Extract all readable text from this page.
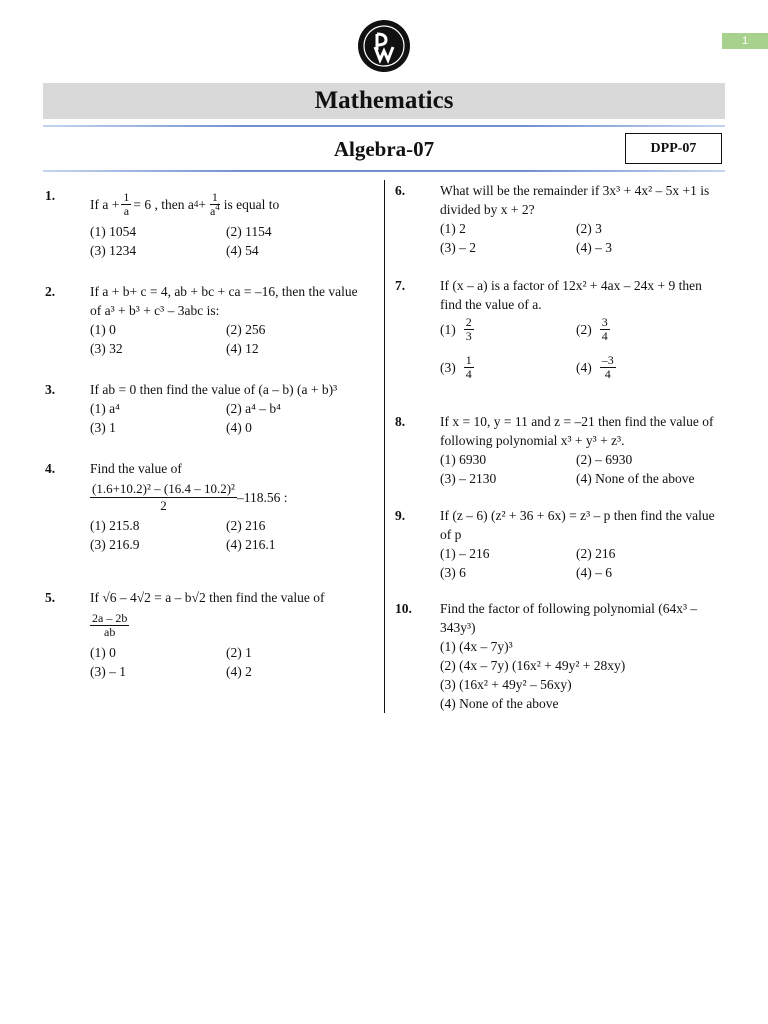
1
Mathematics
Algebra-07	DPP-07
1.
If $a + \frac{1}{a} = 6$ , then a $4 + \frac{1}{a^4}$ is equal to
(1) 1054	(2) 1154
(3) 1234	(4) 54
2.	If a + b+ c = 4, ab + bc + ca = –16, then the value
of a³ + b³ + c³ – 3abc is:
(1) 0	(2) 256
(3) 32	(4) 12
3.	If ab = 0 then find the value of (a – b) (a + b)³
(1) a⁴	(2) a⁴ – b⁴
(3) 1	(4) 0
4.	Find the value of
$\frac{\text{(1.6+10.2)² – (16.4 – 10.2)²}}{2} -118.56$ :
(1) 215.8	(2) 216
(3) 216.9	(4) 216.1
5.	If √6 – 4√2 = a – b√2 then find the value of
$\frac{2a - 2b}{ab}$
(1) 0	(2) 1
(3) – 1	(4) 2
6.	What will be the remainder if 3x³ + 4x² – 5x +1 is
divided by x + 2?
(1) 2	(2) 3
(3) – 2	(4) – 3
7.	If (x – a) is a factor of 12x² + 4ax – 24x + 9 then
find the value of a.
$(1) \frac{2}{3}$	$(2) \frac{3}{4}$
$(3) \frac{1}{4}$	$(4) \frac{-3}{4}$
8.	If x = 10, y = 11 and z = –21 then find the value of
following polynomial x³ + y³ + z³.
(1) 6930	(2) – 6930
(3) – 2130	(4) None of the above
9.	If (z – 6) (z² + 36 + 6x) = z³ – p then find the value
of p
(1) – 216	(2) 216
(3) 6	(4) – 6
10. Find the factor of following polynomial (64x³ –
343y³)
(1) (4x – 7y)³
(2) (4x – 7y) (16x² + 49y² + 28xy)
(3) (16x² + 49y² – 56xy)
(4) None of the above
